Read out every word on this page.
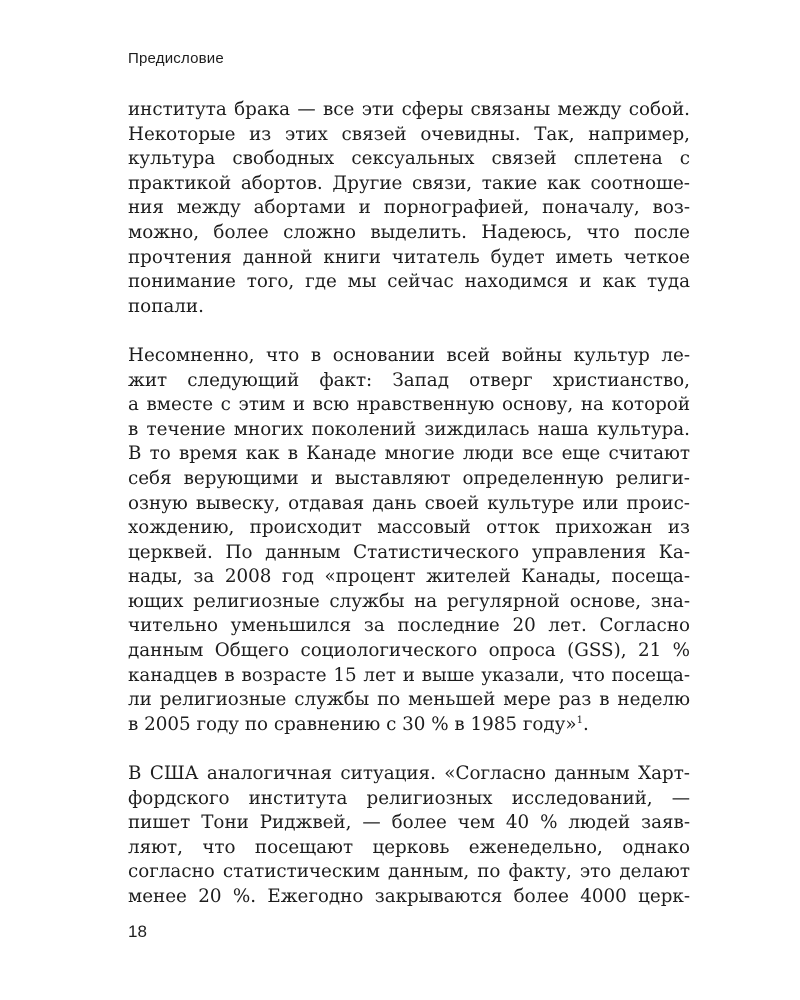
Предисловие
института брака — все эти сферы связаны между собой.
Некоторые из этих связей очевидны. Так, например,
культура свободных сексуальных связей сплетена с
практикой абортов. Другие связи, такие как соотноше-
ния между абортами и порнографией, поначалу, воз-
можно, более сложно выделить. Надеюсь, что после
прочтения данной книги читатель будет иметь четкое
понимание того, где мы сейчас находимся и как туда
попали.
Несомненно, что в основании всей войны культур ле-
жит следующий факт: Запад отверг христианство,
а вместе с этим и всю нравственную основу, на которой
в течение многих поколений зиждилась наша культура.
В то время как в Канаде многие люди все еще считают
себя верующими и выставляют определенную религи-
озную вывеску, отдавая дань своей культуре или проис-
хождению, происходит массовый отток прихожан из
церквей. По данным Статистического управления Ка-
нады, за 2008 год «процент жителей Канады, посеща-
ющих религиозные службы на регулярной основе, зна-
чительно уменьшился за последние 20 лет. Согласно
данным Общего социологического опроса (GSS), 21 %
канадцев в возрасте 15 лет и выше указали, что посеща-
ли религиозные службы по меньшей мере раз в неделю
в 2005 году по сравнению с 30 % в 1985 году»$^1$.
В США аналогичная ситуация. «Согласно данным Харт-
фордского института религиозных исследований, —
пишет Тони Риджвей, — более чем 40 % людей заяв-
ляют, что посещают церковь еженедельно, однако
согласно статистическим данным, по факту, это делают
менее 20 %. Ежегодно закрываются более 4000 церк-
18
